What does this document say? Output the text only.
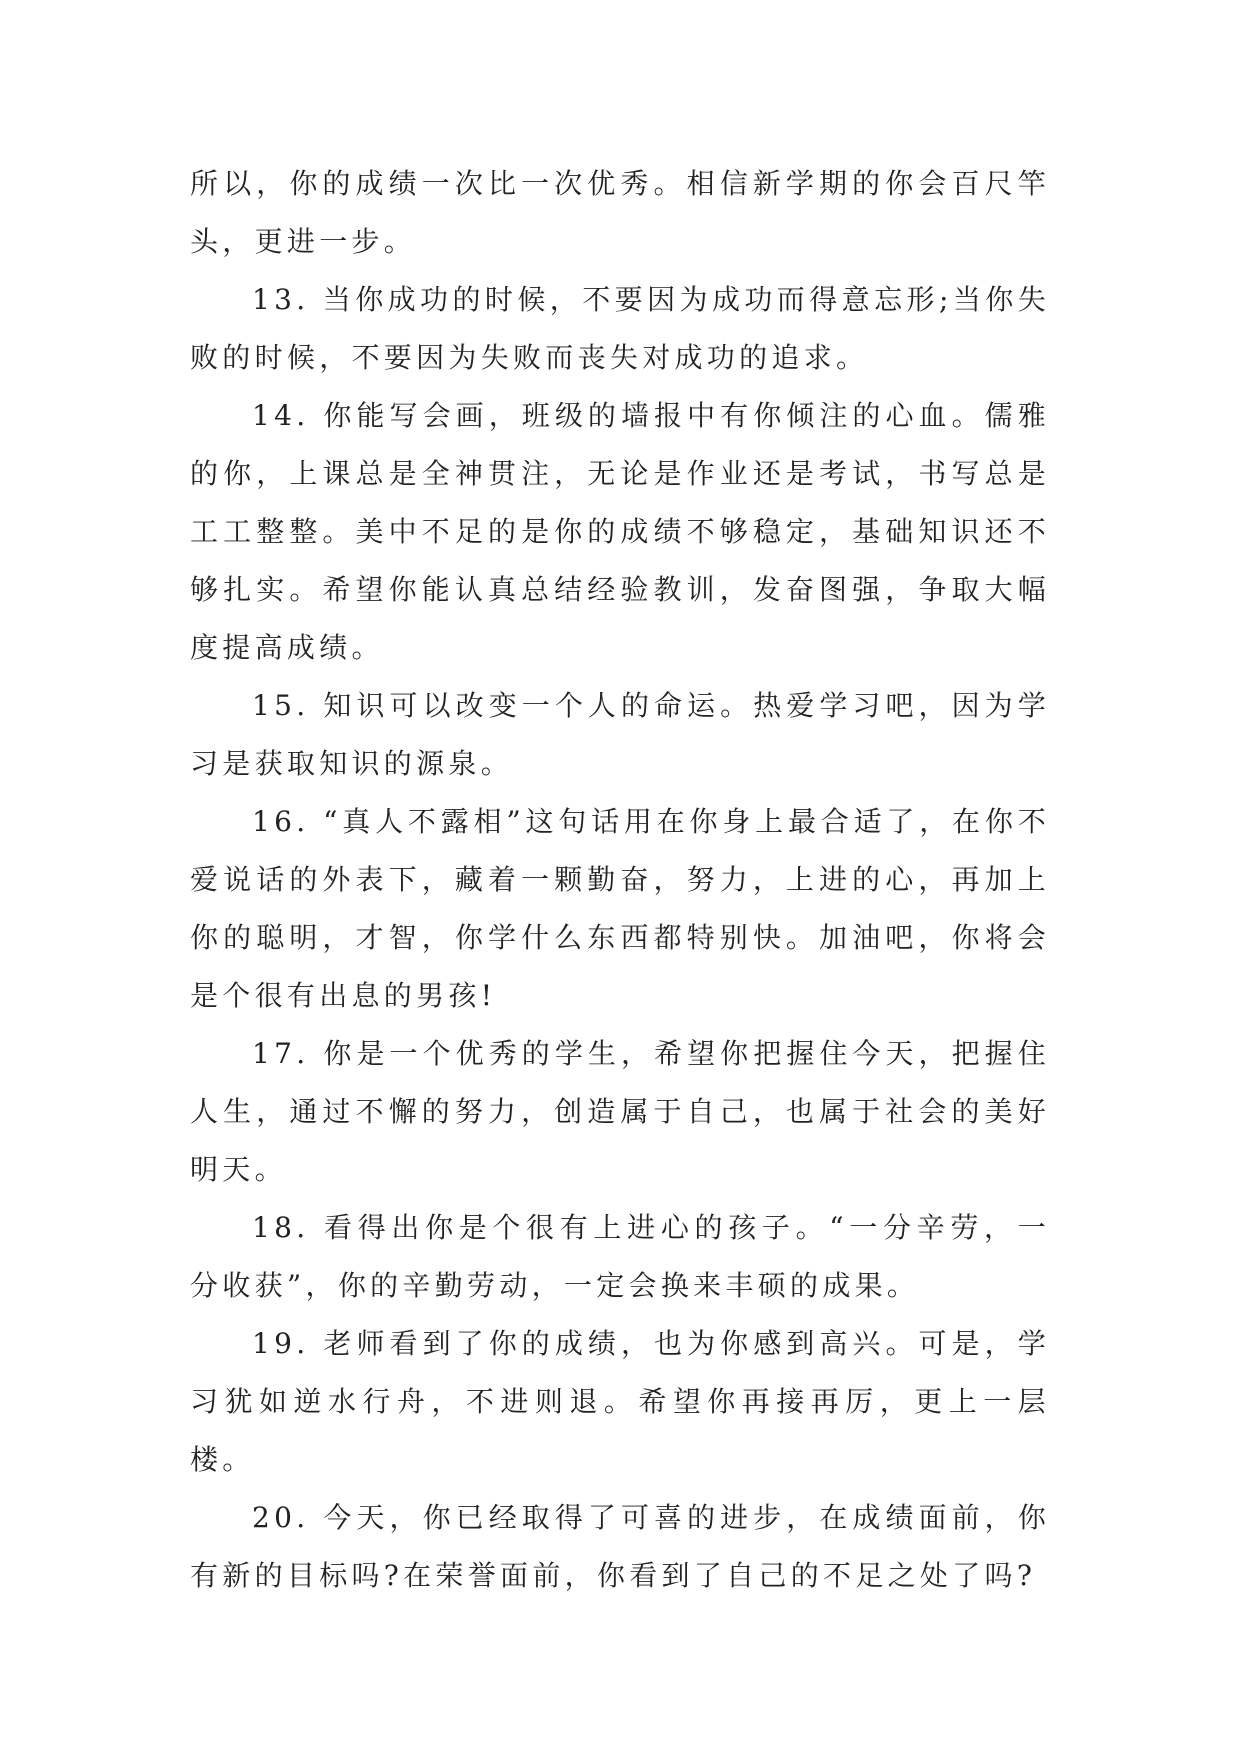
所以，你的成绩一次比一次优秀。相信新学期的你会百尺竿头，更进一步。

13. 当你成功的时候，不要因为成功而得意忘形;当你失败的时候，不要因为失败而丧失对成功的追求。

14. 你能写会画，班级的墙报中有你倾注的心血。儒雅的你，上课总是全神贯注，无论是作业还是考试，书写总是工工整整。美中不足的是你的成绩不够稳定，基础知识还不够扎实。希望你能认真总结经验教训，发奋图强，争取大幅度提高成绩。

15. 知识可以改变一个人的命运。热爱学习吧，因为学习是获取知识的源泉。

16. “真人不露相”这句话用在你身上最合适了，在你不爱说话的外表下，藏着一颗勤奋，努力，上进的心，再加上你的聪明，才智，你学什么东西都特别快。加油吧，你将会是个很有出息的男孩!

17. 你是一个优秀的学生，希望你把握住今天，把握住人生，通过不懈的努力，创造属于自己，也属于社会的美好明天。

18. 看得出你是个很有上进心的孩子。“一分辛劳，一分收获”，你的辛勤劳动，一定会换来丰硕的成果。

19. 老师看到了你的成绩，也为你感到高兴。可是，学习犹如逆水行舟，不进则退。希望你再接再厉，更上一层楼。

20. 今天，你已经取得了可喜的进步，在成绩面前，你有新的目标吗?在荣誉面前，你看到了自己的不足之处了吗?
